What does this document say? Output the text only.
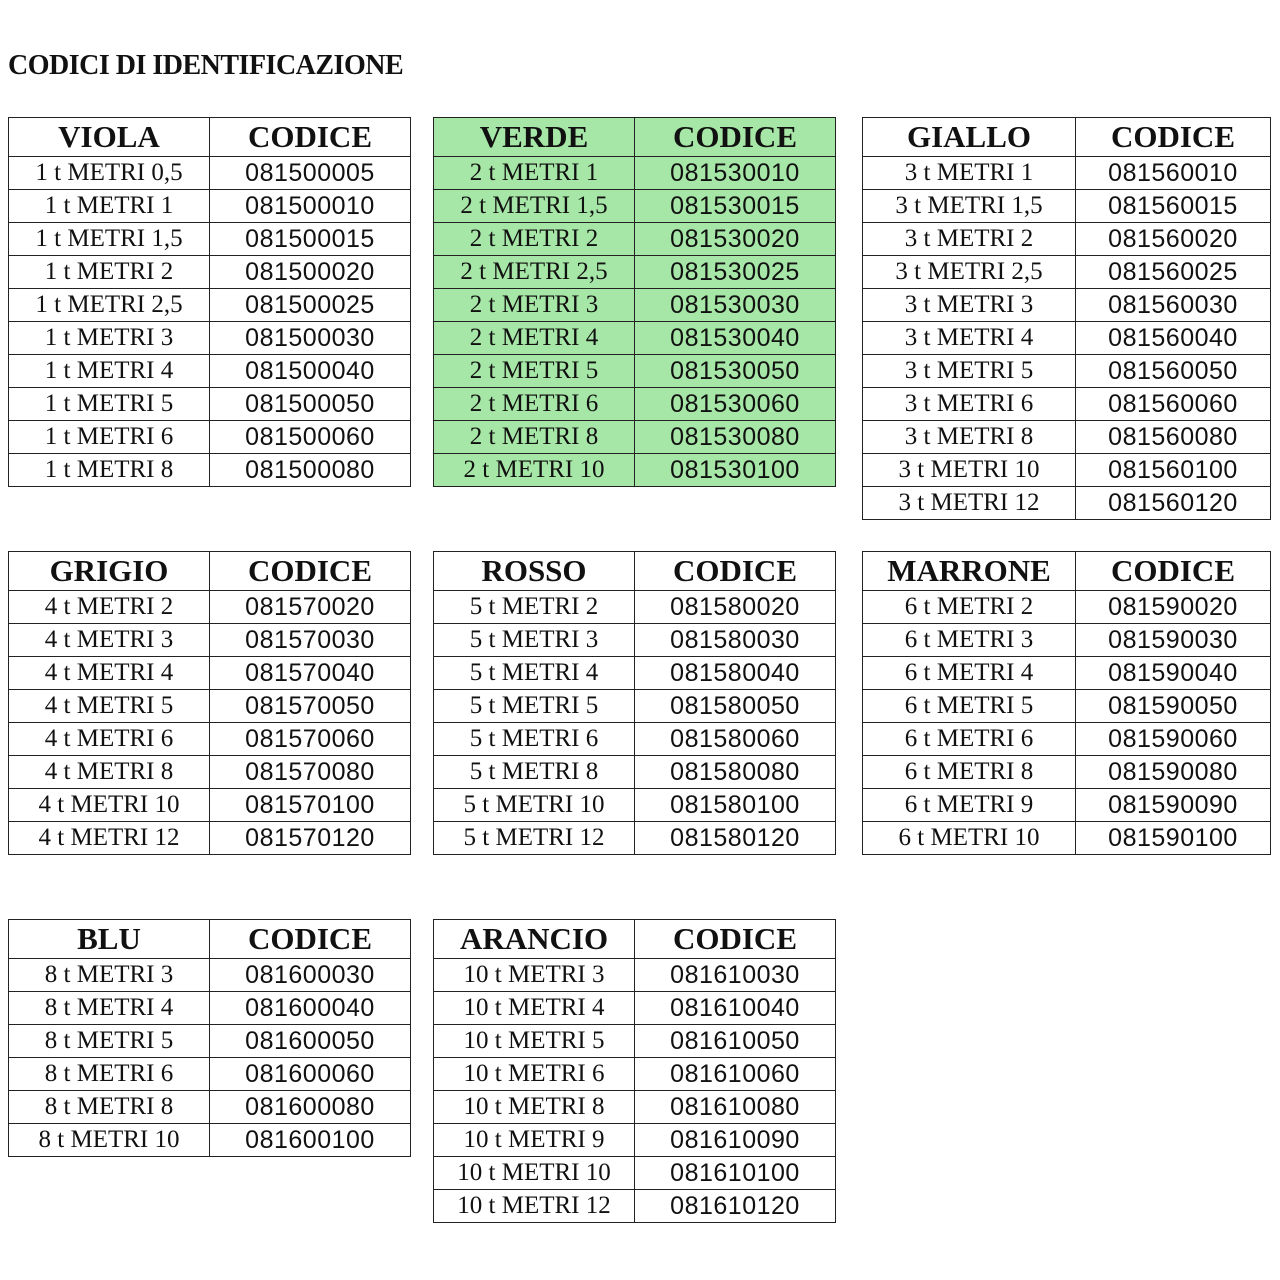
CODICI DI IDENTIFICAZIONE
VIOLA	CODICE
1 t METRI 0,5	081500005
1 t METRI 1	081500010
1 t METRI 1,5	081500015
1 t METRI 2	081500020
1 t METRI 2,5	081500025
1 t METRI 3	081500030
1 t METRI 4	081500040
1 t METRI 5	081500050
1 t METRI 6	081500060
1 t METRI 8	081500080
VERDE	CODICE
2 t METRI 1	081530010
2 t METRI 1,5	081530015
2 t METRI 2	081530020
2 t METRI 2,5	081530025
2 t METRI 3	081530030
2 t METRI 4	081530040
2 t METRI 5	081530050
2 t METRI 6	081530060
2 t METRI 8	081530080
2 t METRI 10	081530100
GIALLO	CODICE
3 t METRI 1	081560010
3 t METRI 1,5	081560015
3 t METRI 2	081560020
3 t METRI 2,5	081560025
3 t METRI 3	081560030
3 t METRI 4	081560040
3 t METRI 5	081560050
3 t METRI 6	081560060
3 t METRI 8	081560080
3 t METRI 10	081560100
3 t METRI 12	081560120
GRIGIO	CODICE
4 t METRI 2	081570020
4 t METRI 3	081570030
4 t METRI 4	081570040
4 t METRI 5	081570050
4 t METRI 6	081570060
4 t METRI 8	081570080
4 t METRI 10	081570100
4 t METRI 12	081570120
ROSSO	CODICE
5 t METRI 2	081580020
5 t METRI 3	081580030
5 t METRI 4	081580040
5 t METRI 5	081580050
5 t METRI 6	081580060
5 t METRI 8	081580080
5 t METRI 10	081580100
5 t METRI 12	081580120
MARRONE	CODICE
6 t METRI 2	081590020
6 t METRI 3	081590030
6 t METRI 4	081590040
6 t METRI 5	081590050
6 t METRI 6	081590060
6 t METRI 8	081590080
6 t METRI 9	081590090
6 t METRI 10	081590100
BLU	CODICE
8 t METRI 3	081600030
8 t METRI 4	081600040
8 t METRI 5	081600050
8 t METRI 6	081600060
8 t METRI 8	081600080
8 t METRI 10	081600100
ARANCIO	CODICE
10 t METRI 3	081610030
10 t METRI 4	081610040
10 t METRI 5	081610050
10 t METRI 6	081610060
10 t METRI 8	081610080
10 t METRI 9	081610090
10 t METRI 10	081610100
10 t METRI 12	081610120
